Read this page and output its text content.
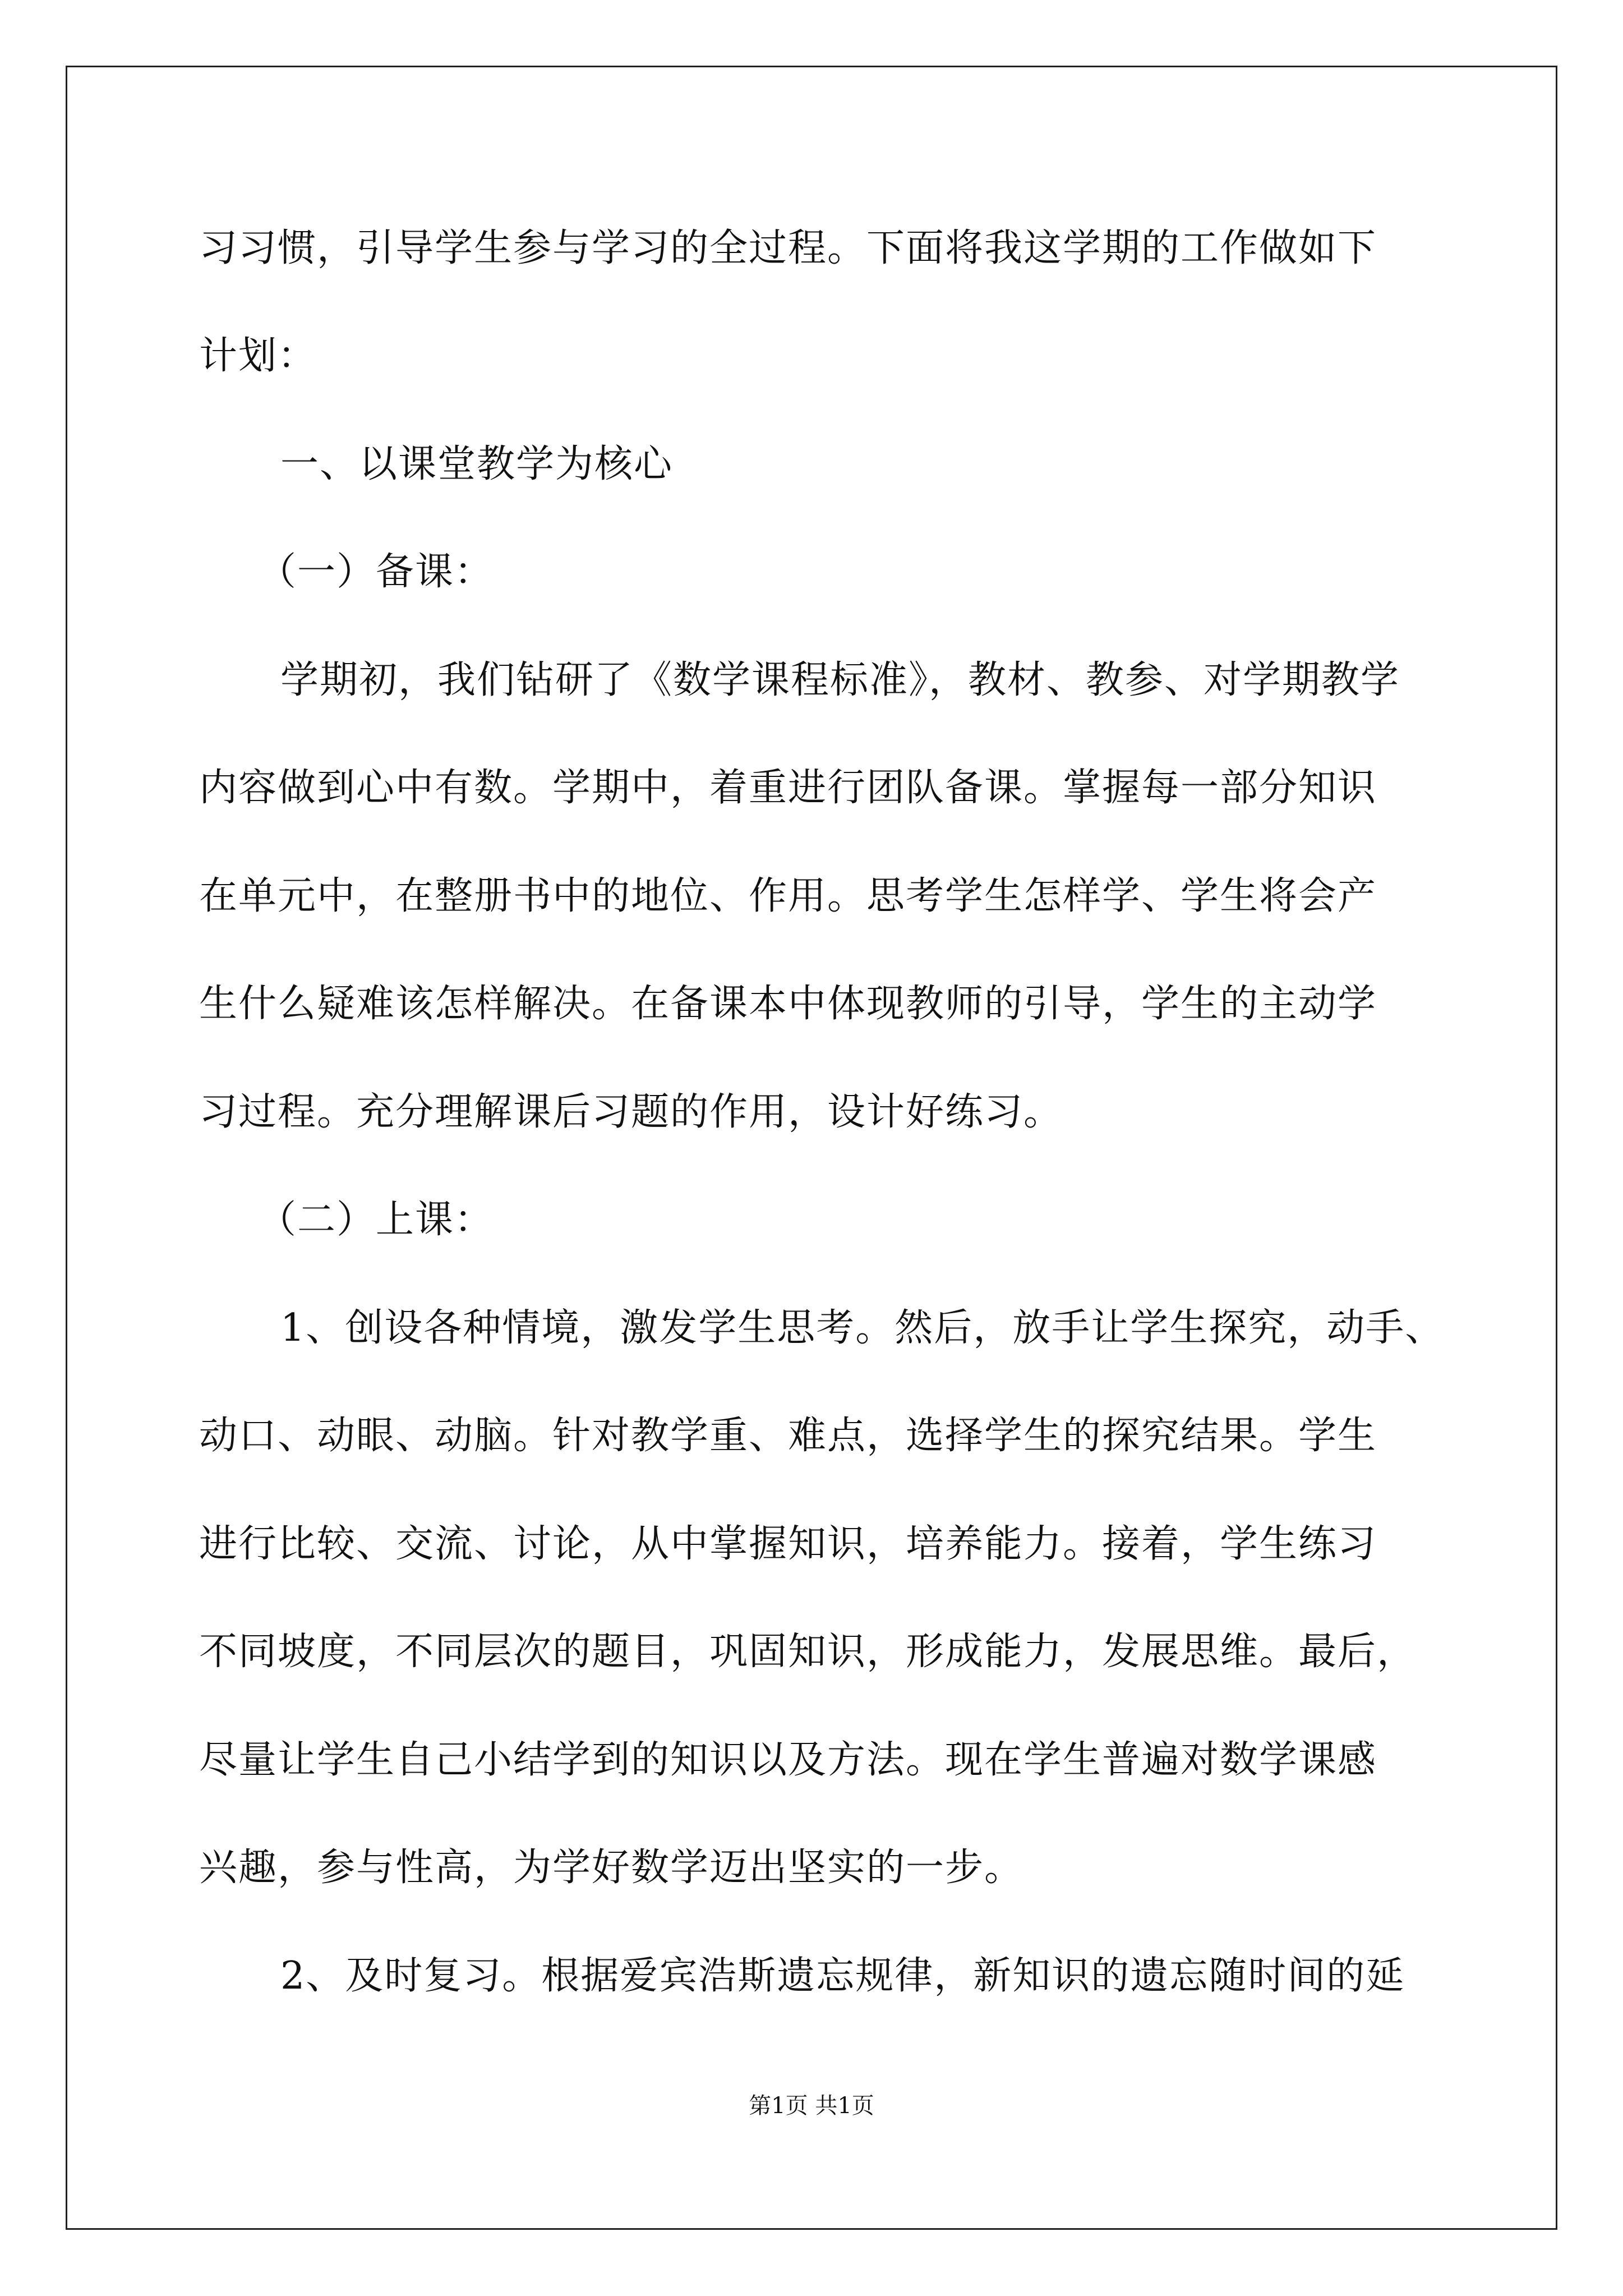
习习惯，引导学生参与学习的全过程。下面将我这学期的工作做如下
计划：
一、以课堂教学为核心
（一）备课：
学期初，我们钻研了《数学课程标准》，教材、教参、对学期教学
内容做到心中有数。学期中，着重进行团队备课。掌握每一部分知识
在单元中，在整册书中的地位、作用。思考学生怎样学、学生将会产
生什么疑难该怎样解决。在备课本中体现教师的引导，学生的主动学
习过程。充分理解课后习题的作用，设计好练习。
（二）上课：
1、创设各种情境，激发学生思考。然后，放手让学生探究，动手、
动口、动眼、动脑。针对教学重、难点，选择学生的探究结果。学生
进行比较、交流、讨论，从中掌握知识，培养能力。接着，学生练习
不同坡度，不同层次的题目，巩固知识，形成能力，发展思维。最后，
尽量让学生自己小结学到的知识以及方法。现在学生普遍对数学课感
兴趣，参与性高，为学好数学迈出坚实的一步。
2、及时复习。根据爱宾浩斯遗忘规律，新知识的遗忘随时间的延
第1页 共1页
